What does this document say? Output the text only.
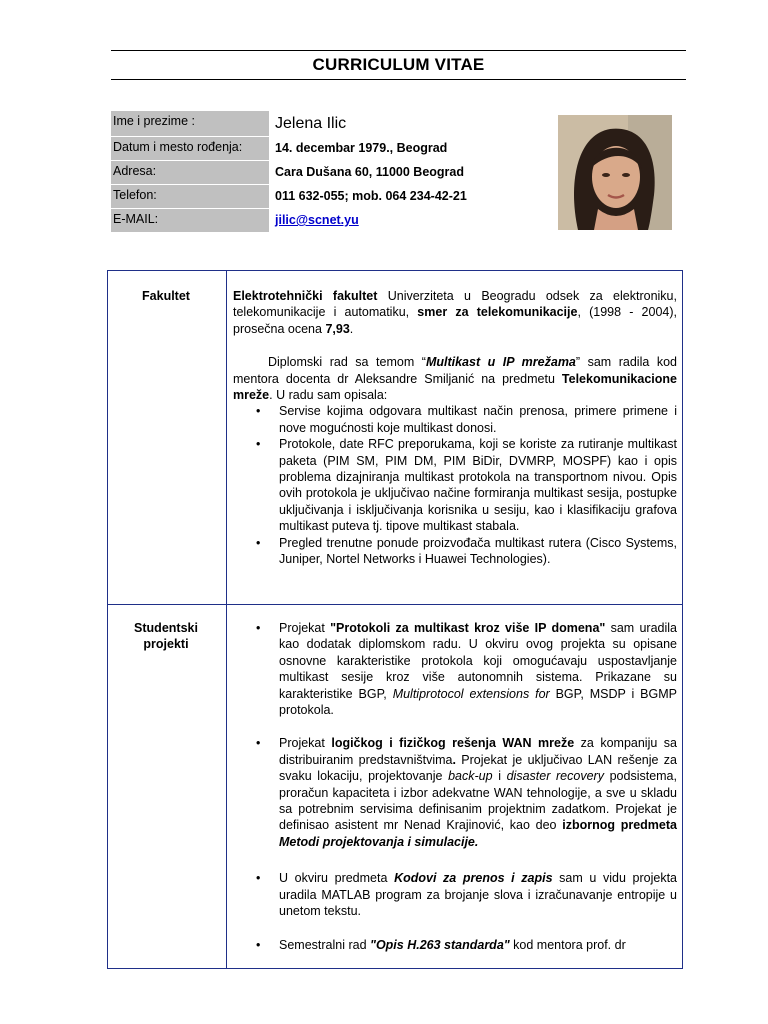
CURRICULUM VITAE
Ime i prezime :	Jelena Ilic
Datum i mesto rođenja:	14. decembar 1979., Beograd
Adresa:	Cara Dušana 60, 11000 Beograd
Telefon:	011 632-055; mob. 064 234-42-21
E-MAIL:	jilic@scnet.yu
Fakultet	Elektrotehnički fakultet Univerziteta u Beogradu odsek za elektroniku, telekomunikacije i automatiku, smer za telekomunikacije, (1998 - 2004), prosečna ocena 7,93.

Diplomski rad sa temom “Multikast u IP mrežama” sam radila kod mentora docenta dr Aleksandre Smiljanić na predmetu Telekomunikacione mreže. U radu sam opisala:

• Servise kojima odgovara multikast način prenosa, primere primene i nove mogućnosti koje multikast donosi.
• Protokole, date RFC preporukama, koji se koriste za rutiranje multikast paketa (PIM SM, PIM DM, PIM BiDir, DVMRP, MOSPF) kao i opis problema dizajniranja multikast protokola na transportnom nivou. Opis ovih protokola je uključivao načine formiranja multikast sesija, postupke uključivanja i isključivanja korisnika u sesiju, kao i klasifikaciju grafova multikast puteva tj. tipove multikast stabala.
• Pregled trenutne ponude proizvođača multikast rutera (Cisco Systems, Juniper, Nortel Networks i Huawei Technologies).
Studentski
projekti
• Projekat "Protokoli za multikast kroz više IP domena" sam uradila kao dodatak diplomskom radu. U okviru ovog projekta su opisane osnovne karakteristike protokola koji omogućavaju uspostavljanje multikast sesije kroz više autonomnih sistema. Prikazane su karakteristike BGP, Multiprotocol extensions for BGP, MSDP i BGMP protokola.
• Projekat logičkog i fizičkog rešenja WAN mreže za kompaniju sa distribuiranim predstavništvima. Projekat je uključivao LAN rešenje za svaku lokaciju, projektovanje back-up i disaster recovery podsistema, proračun kapaciteta i izbor adekvatne WAN tehnologije, a sve u skladu sa potrebnim servisima definisanim projektnim zadatkom. Projekat je definisao asistent mr Nenad Krajinović, kao deo izbornog predmeta Metodi projektovanja i simulacije.
• U okviru predmeta Kodovi za prenos i zapis sam u vidu projekta uradila MATLAB program za brojanje slova i izračunavanje entropije u unetom tekstu.
• Semestralni rad "Opis H.263 standarda" kod mentora prof. dr
